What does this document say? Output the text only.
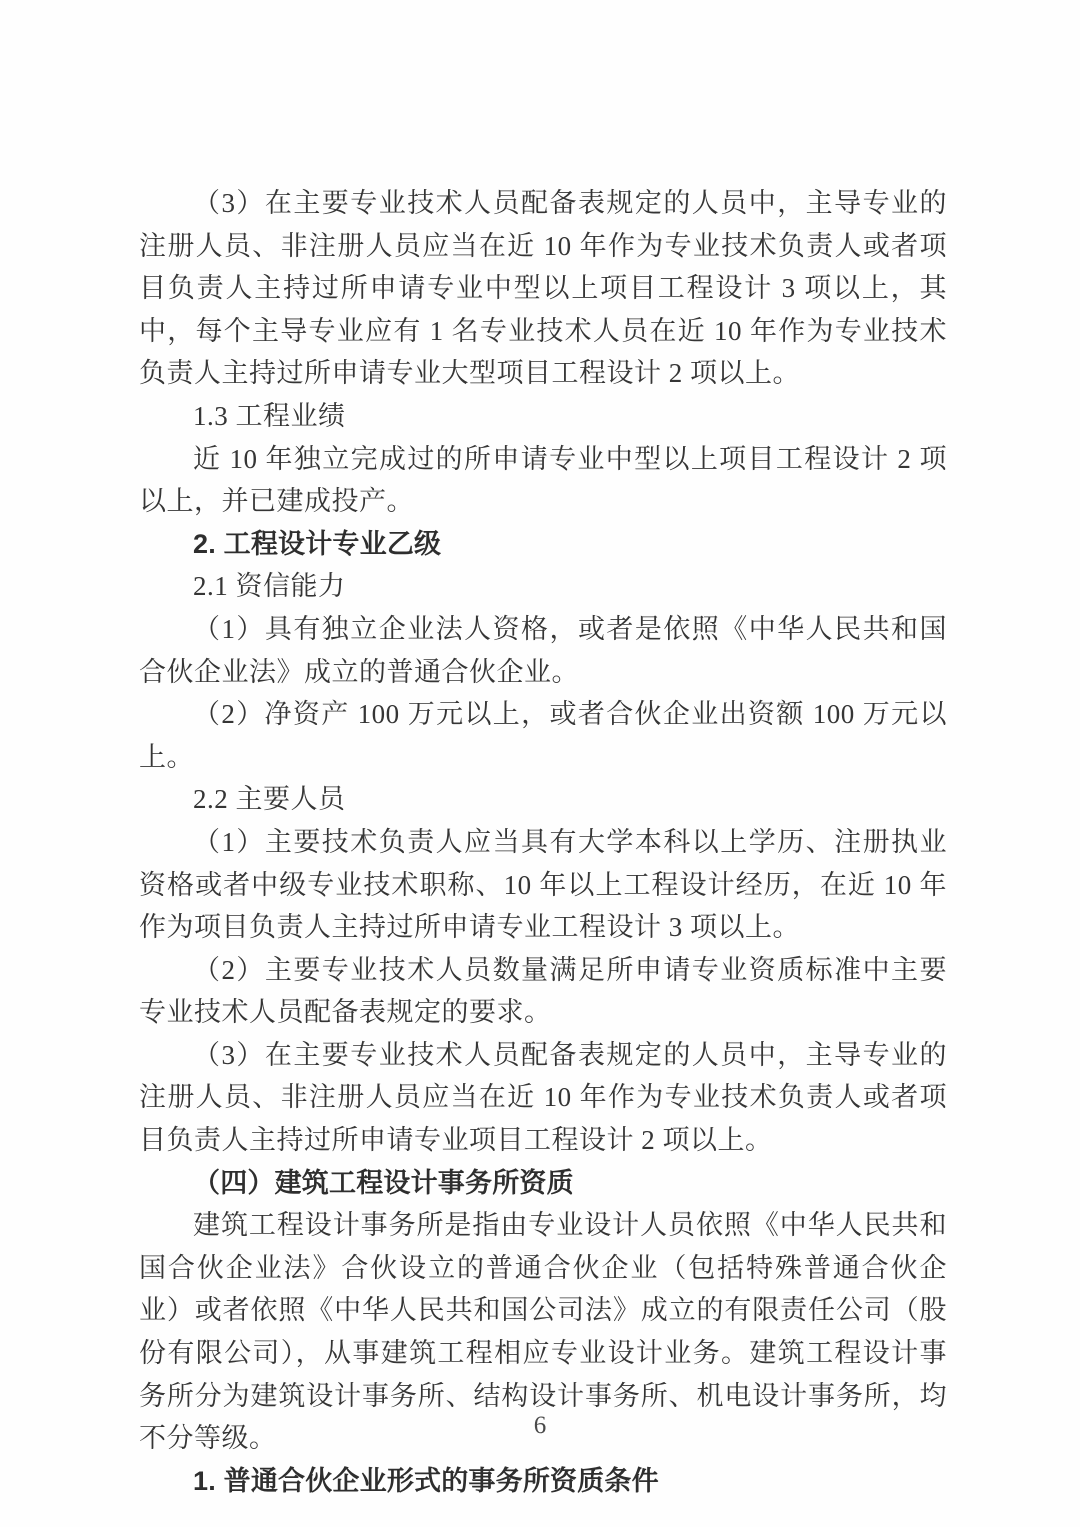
（3）在主要专业技术人员配备表规定的人员中，主导专业的注册人员、非注册人员应当在近 10 年作为专业技术负责人或者项目负责人主持过所申请专业中型以上项目工程设计 3 项以上，其中，每个主导专业应有 1 名专业技术人员在近 10 年作为专业技术负责人主持过所申请专业大型项目工程设计 2 项以上。

1.3 工程业绩

近 10 年独立完成过的所申请专业中型以上项目工程设计 2 项以上，并已建成投产。

2. 工程设计专业乙级

2.1 资信能力

（1）具有独立企业法人资格，或者是依照《中华人民共和国合伙企业法》成立的普通合伙企业。

（2）净资产 100 万元以上，或者合伙企业出资额 100 万元以上。

2.2 主要人员

（1）主要技术负责人应当具有大学本科以上学历、注册执业资格或者中级专业技术职称、10 年以上工程设计经历，在近 10 年作为项目负责人主持过所申请专业工程设计 3 项以上。

（2）主要专业技术人员数量满足所申请专业资质标准中主要专业技术人员配备表规定的要求。

（3）在主要专业技术人员配备表规定的人员中，主导专业的注册人员、非注册人员应当在近 10 年作为专业技术负责人或者项目负责人主持过所申请专业项目工程设计 2 项以上。

（四）建筑工程设计事务所资质

建筑工程设计事务所是指由专业设计人员依照《中华人民共和国合伙企业法》合伙设立的普通合伙企业（包括特殊普通合伙企业）或者依照《中华人民共和国公司法》成立的有限责任公司（股份有限公司），从事建筑工程相应专业设计业务。建筑工程设计事务所分为建筑设计事务所、结构设计事务所、机电设计事务所，均不分等级。

1. 普通合伙企业形式的事务所资质条件

6
